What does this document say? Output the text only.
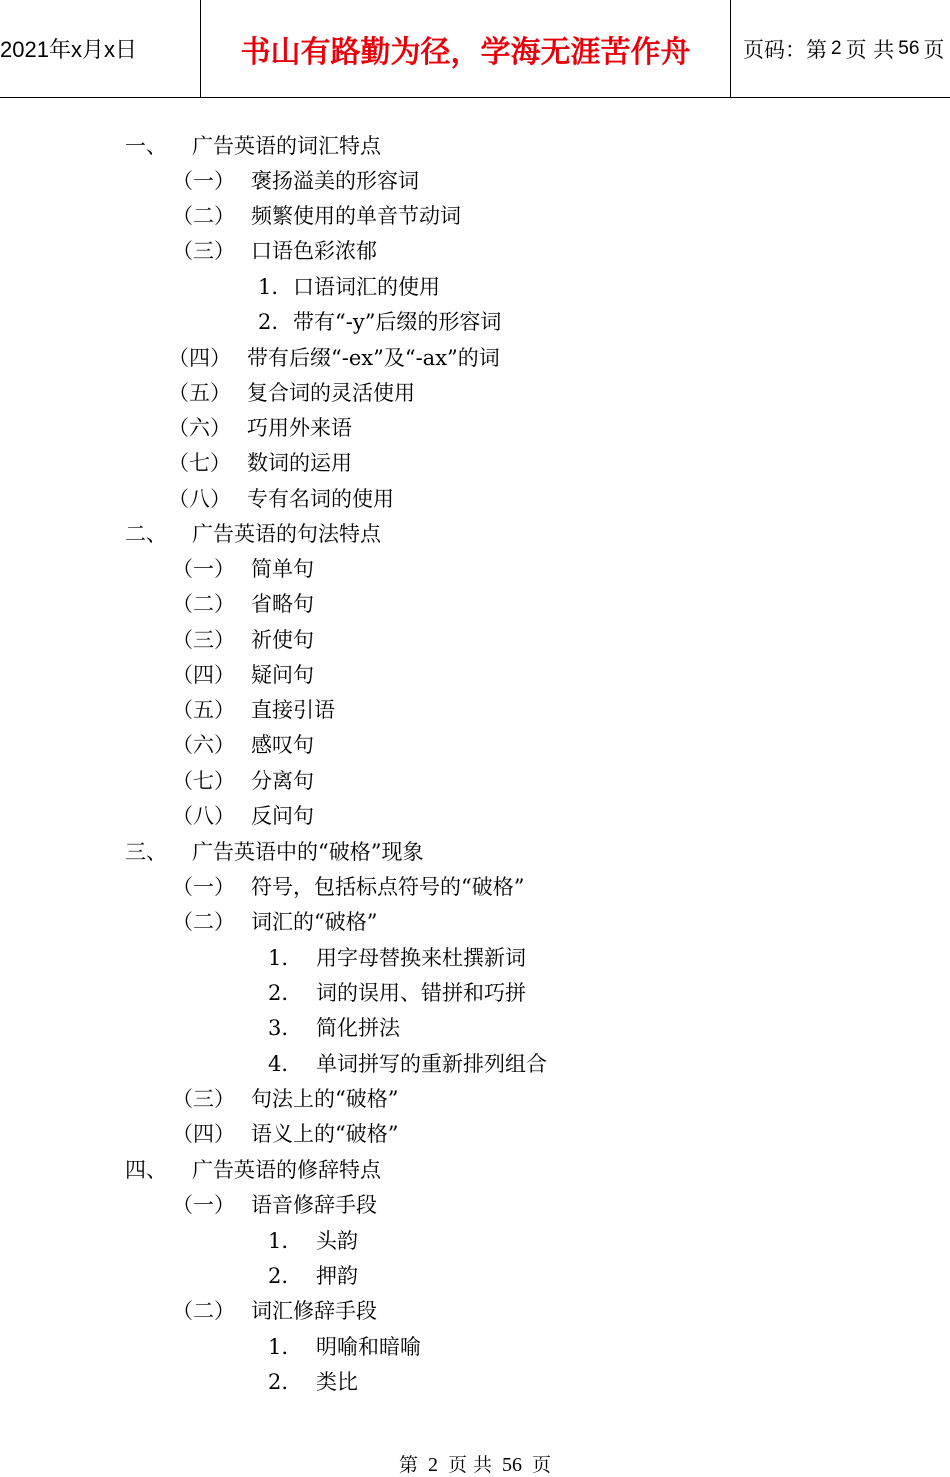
2021年x月x日	书山有路勤为径，学海无涯苦作舟	页码：第 2 页 共 56 页
一、 广告英语的词汇特点
（一） 褒扬溢美的形容词
（二） 频繁使用的单音节动词
（三） 口语色彩浓郁
1. 口语词汇的使用
2. 带有“-y”后缀的形容词
（四） 带有后缀“-ex”及“-ax”的词
（五） 复合词的灵活使用
（六） 巧用外来语
（七） 数词的运用
（八） 专有名词的使用
二、 广告英语的句法特点
（一） 简单句
（二） 省略句
（三） 祈使句
（四） 疑问句
（五） 直接引语
（六） 感叹句
（七） 分离句
（八） 反问句
三、 广告英语中的“破格”现象
（一） 符号，包括标点符号的“破格”
（二） 词汇的“破格”
1. 用字母替换来杜撰新词
2. 词的误用、错拼和巧拼
3. 简化拼法
4. 单词拼写的重新排列组合
（三） 句法上的“破格”
（四） 语义上的“破格”
四、 广告英语的修辞特点
（一） 语音修辞手段
1. 头韵
2. 押韵
（二） 词汇修辞手段
1. 明喻和暗喻
2. 类比
第 2 页 共 56 页
